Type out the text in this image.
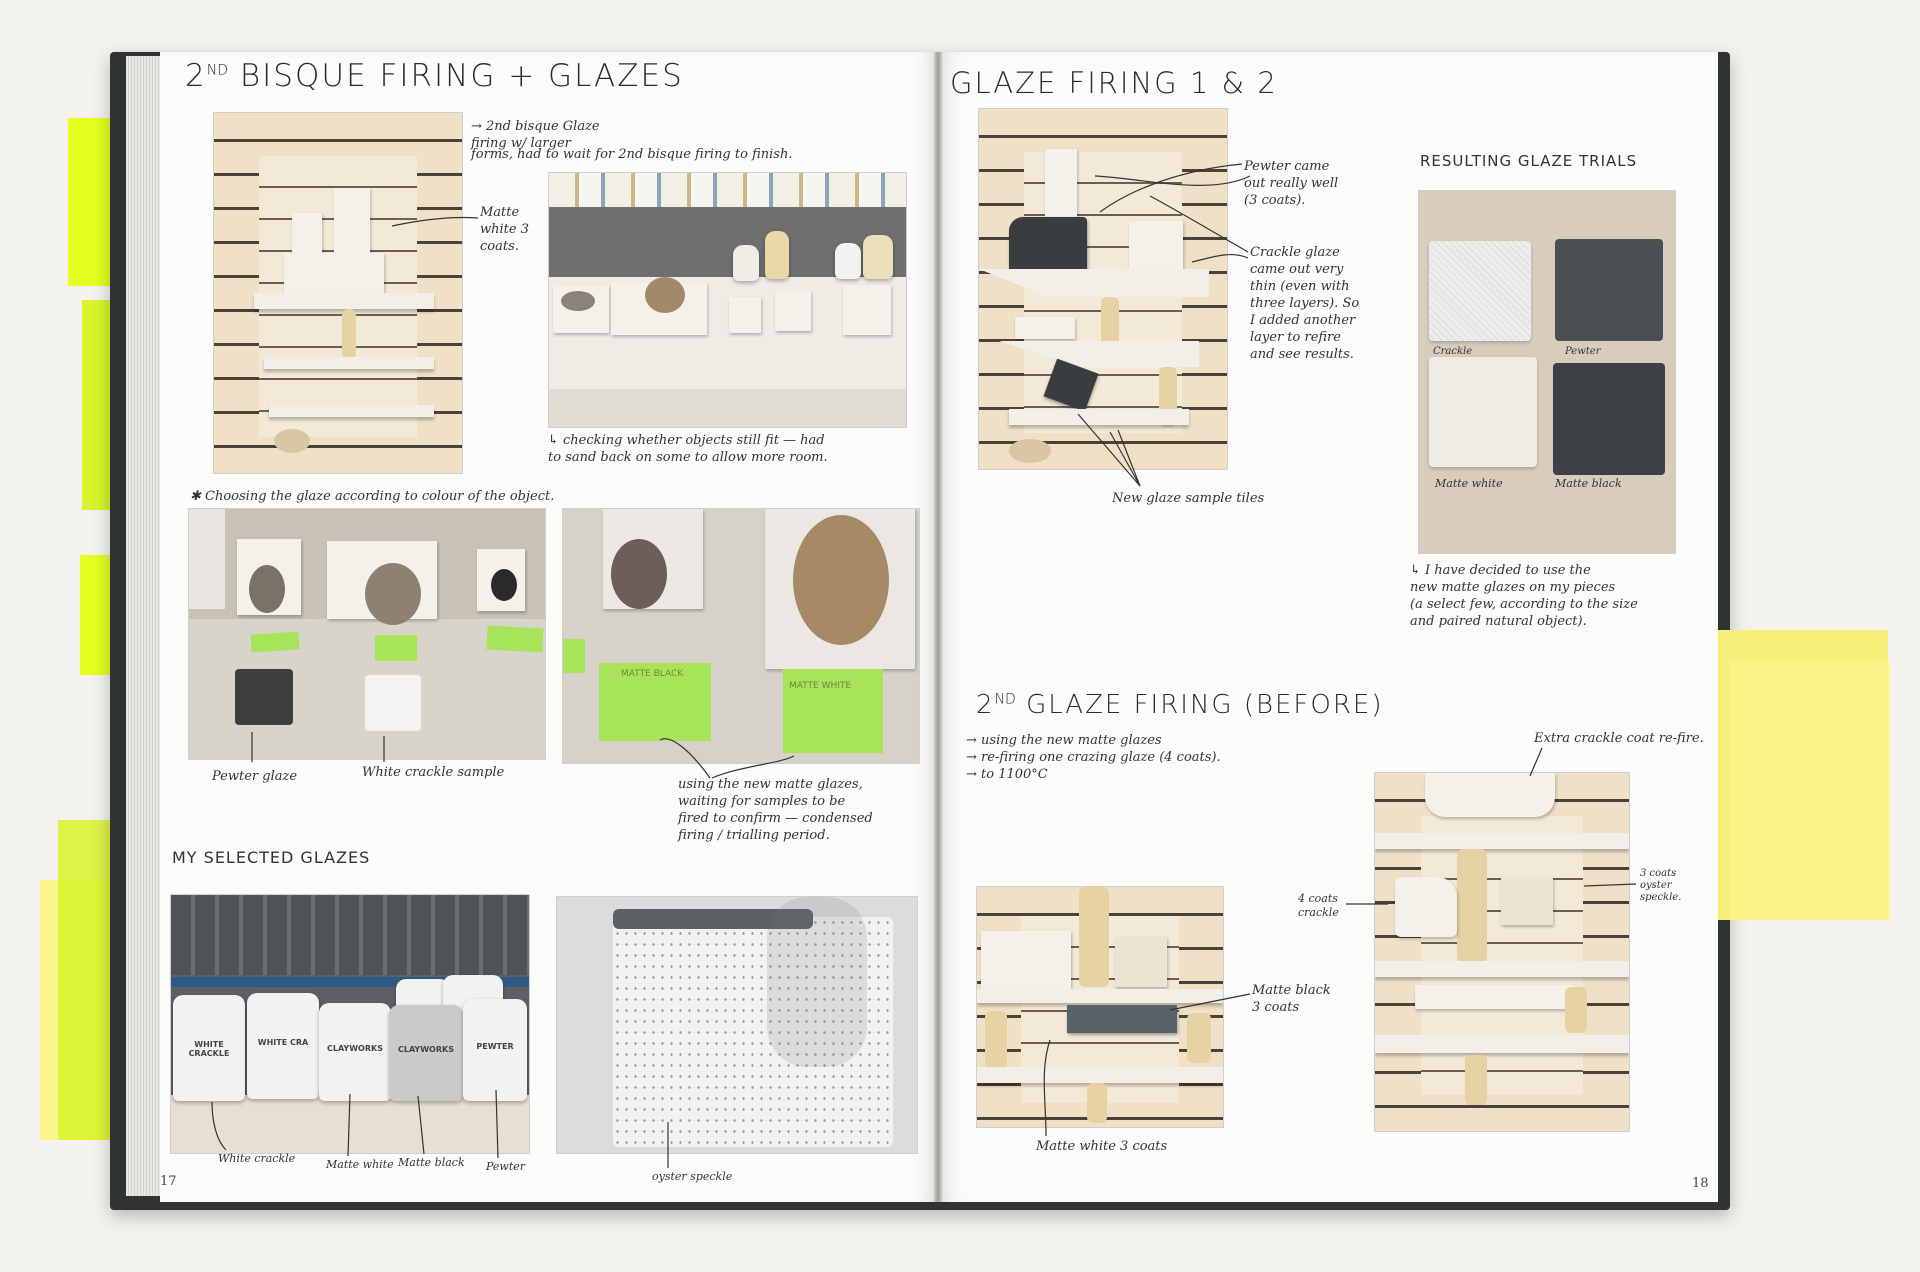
2ND BISQUE FIRING + GLAZES
→ 2nd bisque Glaze
firing w/ larger
forms, had to wait for 2nd bisque firing to finish.
Matte
white 3
coats.
↳ checking whether objects still fit — had
to sand back on some to allow more room.
✱ Choosing the glaze according to colour of the object.
MATTE BLACK
MATTE WHITE
Pewter glaze	White crackle sample
using the new matte glazes,
waiting for samples to be
fired to confirm — condensed
firing / trialling period.
MY SELECTED GLAZES
WHITE CRACKLE
WHITE CRA
CLAYWORKS	CLAYWORKS	PEWTER
White crackle	Matte white Matte black Pewter
oyster speckle
17
GLAZE FIRING 1 & 2
Pewter came
out really well
(3 coats).
Crackle glaze
came out very
thin (even with
three layers). So
I added another
layer to refire
and see results.
New glaze sample tiles
RESULTING GLAZE TRIALS
Crackle	Pewter
Matte white	Matte black
↳ I have decided to use the
new matte glazes on my pieces
(a select few, according to the size
and paired natural object).
2ND GLAZE FIRING (BEFORE)
→ using the new matte glazes
→ re-firing one crazing glaze (4 coats).
→ to 1100°C
Extra crackle coat re-fire.
4 coats
crackle
3 coats
oyster
speckle.
Matte black
3 coats
Matte white 3 coats
18
